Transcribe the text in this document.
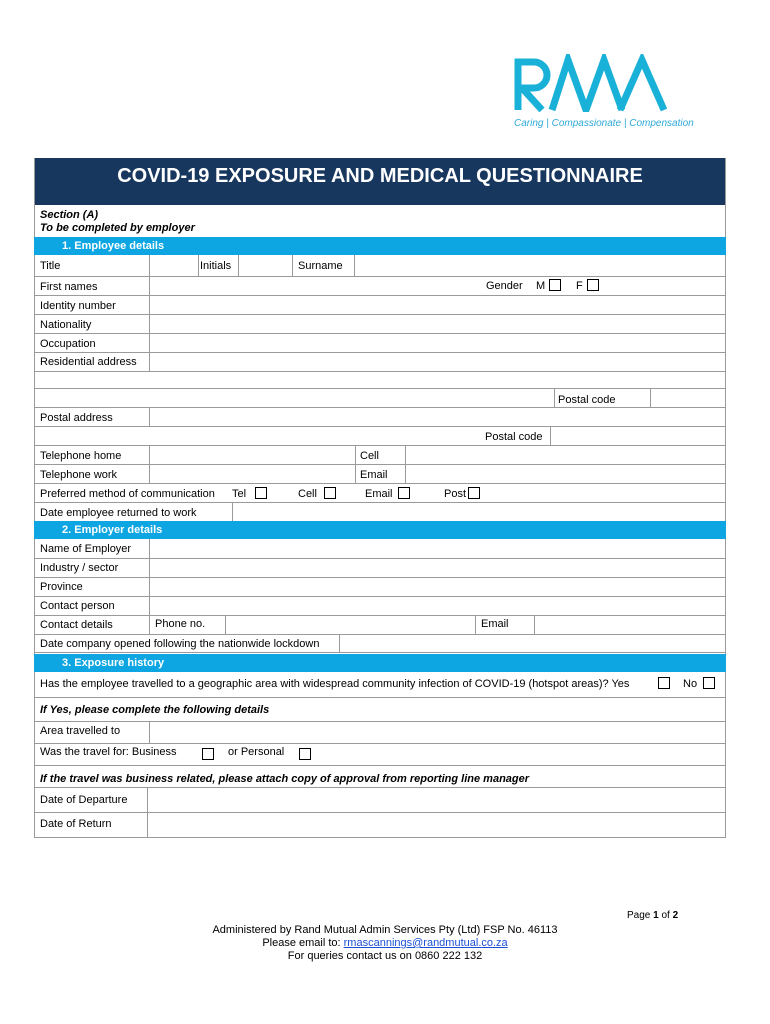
Caring | Compassionate | Compensation
COVID-19 EXPOSURE AND MEDICAL QUESTIONNAIRE
Section (A)
To be completed by employer
1. Employee details
Title	Initials	Surname
First names	Gender M	F
Identity number
Nationality
Occupation
Residential address
Postal code
Postal address
Postal code
Telephone home	Cell
Telephone work	Email
Preferred method of communication Tel	Cell	Email	Post
Date employee returned to work
2. Employer details
Name of Employer
Industry / sector
Province
Contact person
Contact details	Phone no.	Email
Date company opened following the nationwide lockdown
3. Exposure history
Has the employee travelled to a geographic area with widespread community infection of COVID-19 (hotspot areas)? Yes	No
If Yes, please complete the following details
Area travelled to
Was the travel for: Business	or Personal
If the travel was business related, please attach copy of approval from reporting line manager
Date of Departure
Date of Return
Page 1 of 2
Administered by Rand Mutual Admin Services Pty (Ltd) FSP No. 46113
Please email to: rmascannings@randmutual.co.za
For queries contact us on 0860 222 132
